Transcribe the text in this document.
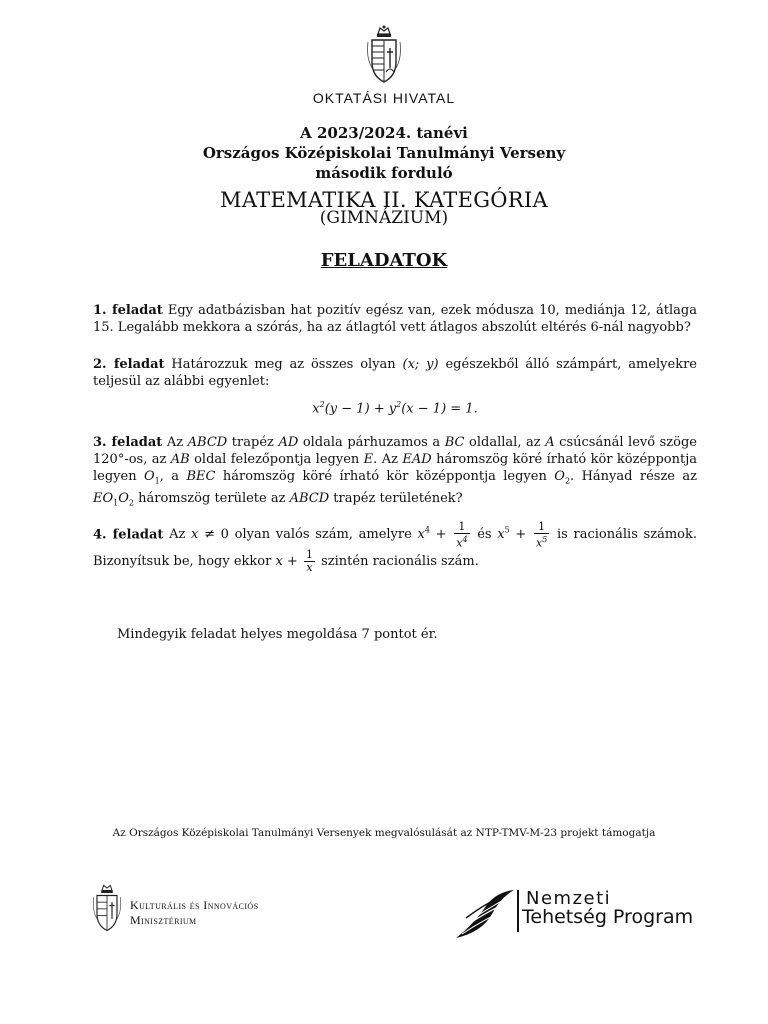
OKTATÁSI HIVATAL
A 2023/2024. tanévi
Országos Középiskolai Tanulmányi Verseny
második forduló
MATEMATIKA II. KATEGÓRIA
(GIMNÁZIUM)
FELADATOK
1. feladat Egy adatbázisban hat pozitív egész van, ezek módusza 10, mediánja 12, átlaga 15. Legalább mekkora a szórás, ha az átlagtól vett átlagos abszolút eltérés 6-nál nagyobb?
2. feladat Határozzuk meg az összes olyan (x; y) egészekből álló számpárt, amelyekre teljesül az alábbi egyenlet:
$x^2(y - 1) + y^2(x - 1) = 1$.
3. feladat Az ABCD trapéz AD oldala párhuzamos a BC oldallal, az A csúcsánál levő szöge 120°-os, az AB oldal felezőpontja legyen E. Az EAD háromszög köré írható kör középpontja legyen $O_1$, a BEC háromszög köré írható kör középpontja legyen $O_2$. Hányad része az $EO_1O_2$ háromszög területe az ABCD trapéz területének?
4. feladat Az x ≠ 0 olyan valós szám, amelyre $x^4 + \frac{1}{x^4}$ és $x^5 + \frac{1}{x^5}$ is racionális számok. Bizonyítsuk be, hogy ekkor $x + \frac{1}{x}$ szintén racionális szám.
Mindegyik feladat helyes megoldása 7 pontot ér.
Az Országos Középiskolai Tanulmányi Versenyek megvalósulását az NTP-TMV-M-23 projekt támogatja
Kulturális és Innovációs
Minisztérium
Nemzeti
Tehetség Program
